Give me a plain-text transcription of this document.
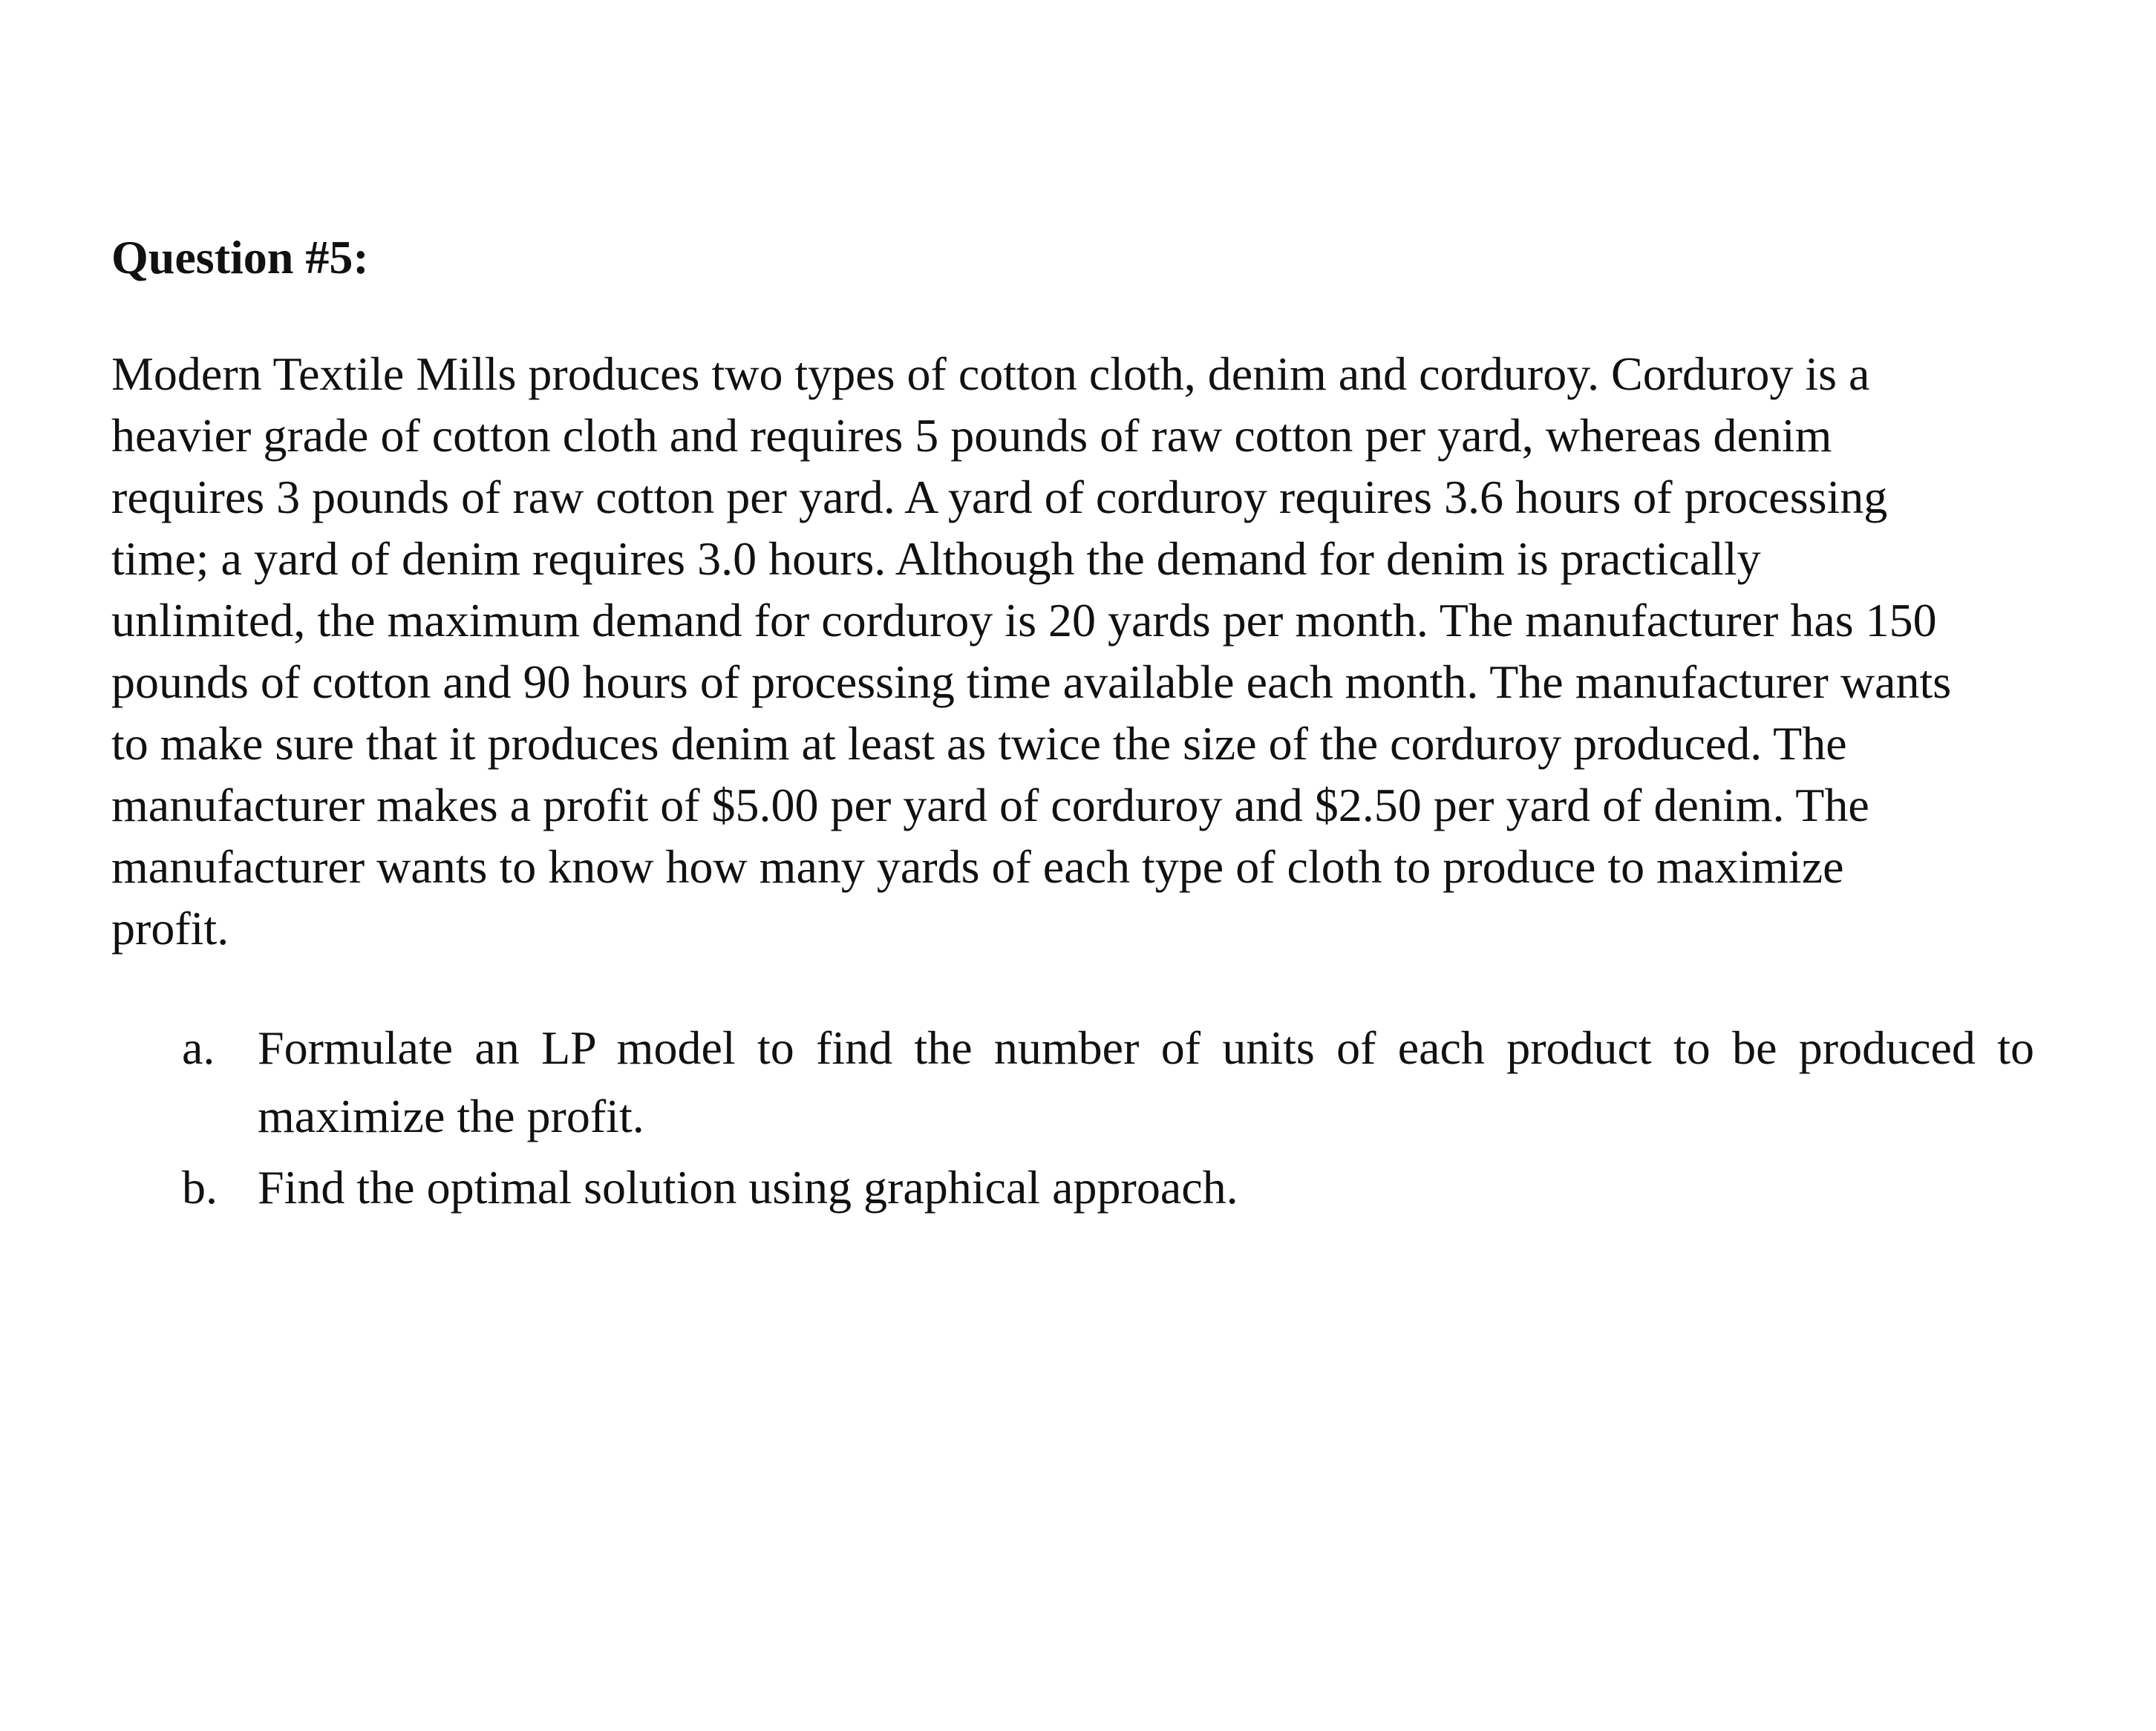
Question #5:

Modern Textile Mills produces two types of cotton cloth, denim and corduroy. Corduroy is a
heavier grade of cotton cloth and requires 5 pounds of raw cotton per yard, whereas denim
requires 3 pounds of raw cotton per yard. A yard of corduroy requires 3.6 hours of processing
time; a yard of denim requires 3.0 hours. Although the demand for denim is practically
unlimited, the maximum demand for corduroy is 20 yards per month. The manufacturer has 150
pounds of cotton and 90 hours of processing time available each month. The manufacturer wants
to make sure that it produces denim at least as twice the size of the corduroy produced. The
manufacturer makes a profit of $5.00 per yard of corduroy and $2.50 per yard of denim. The
manufacturer wants to know how many yards of each type of cloth to produce to maximize
profit.

a. Formulate an LP model to find the number of units of each product to be produced to maximize the profit.
b. Find the optimal solution using graphical approach.
